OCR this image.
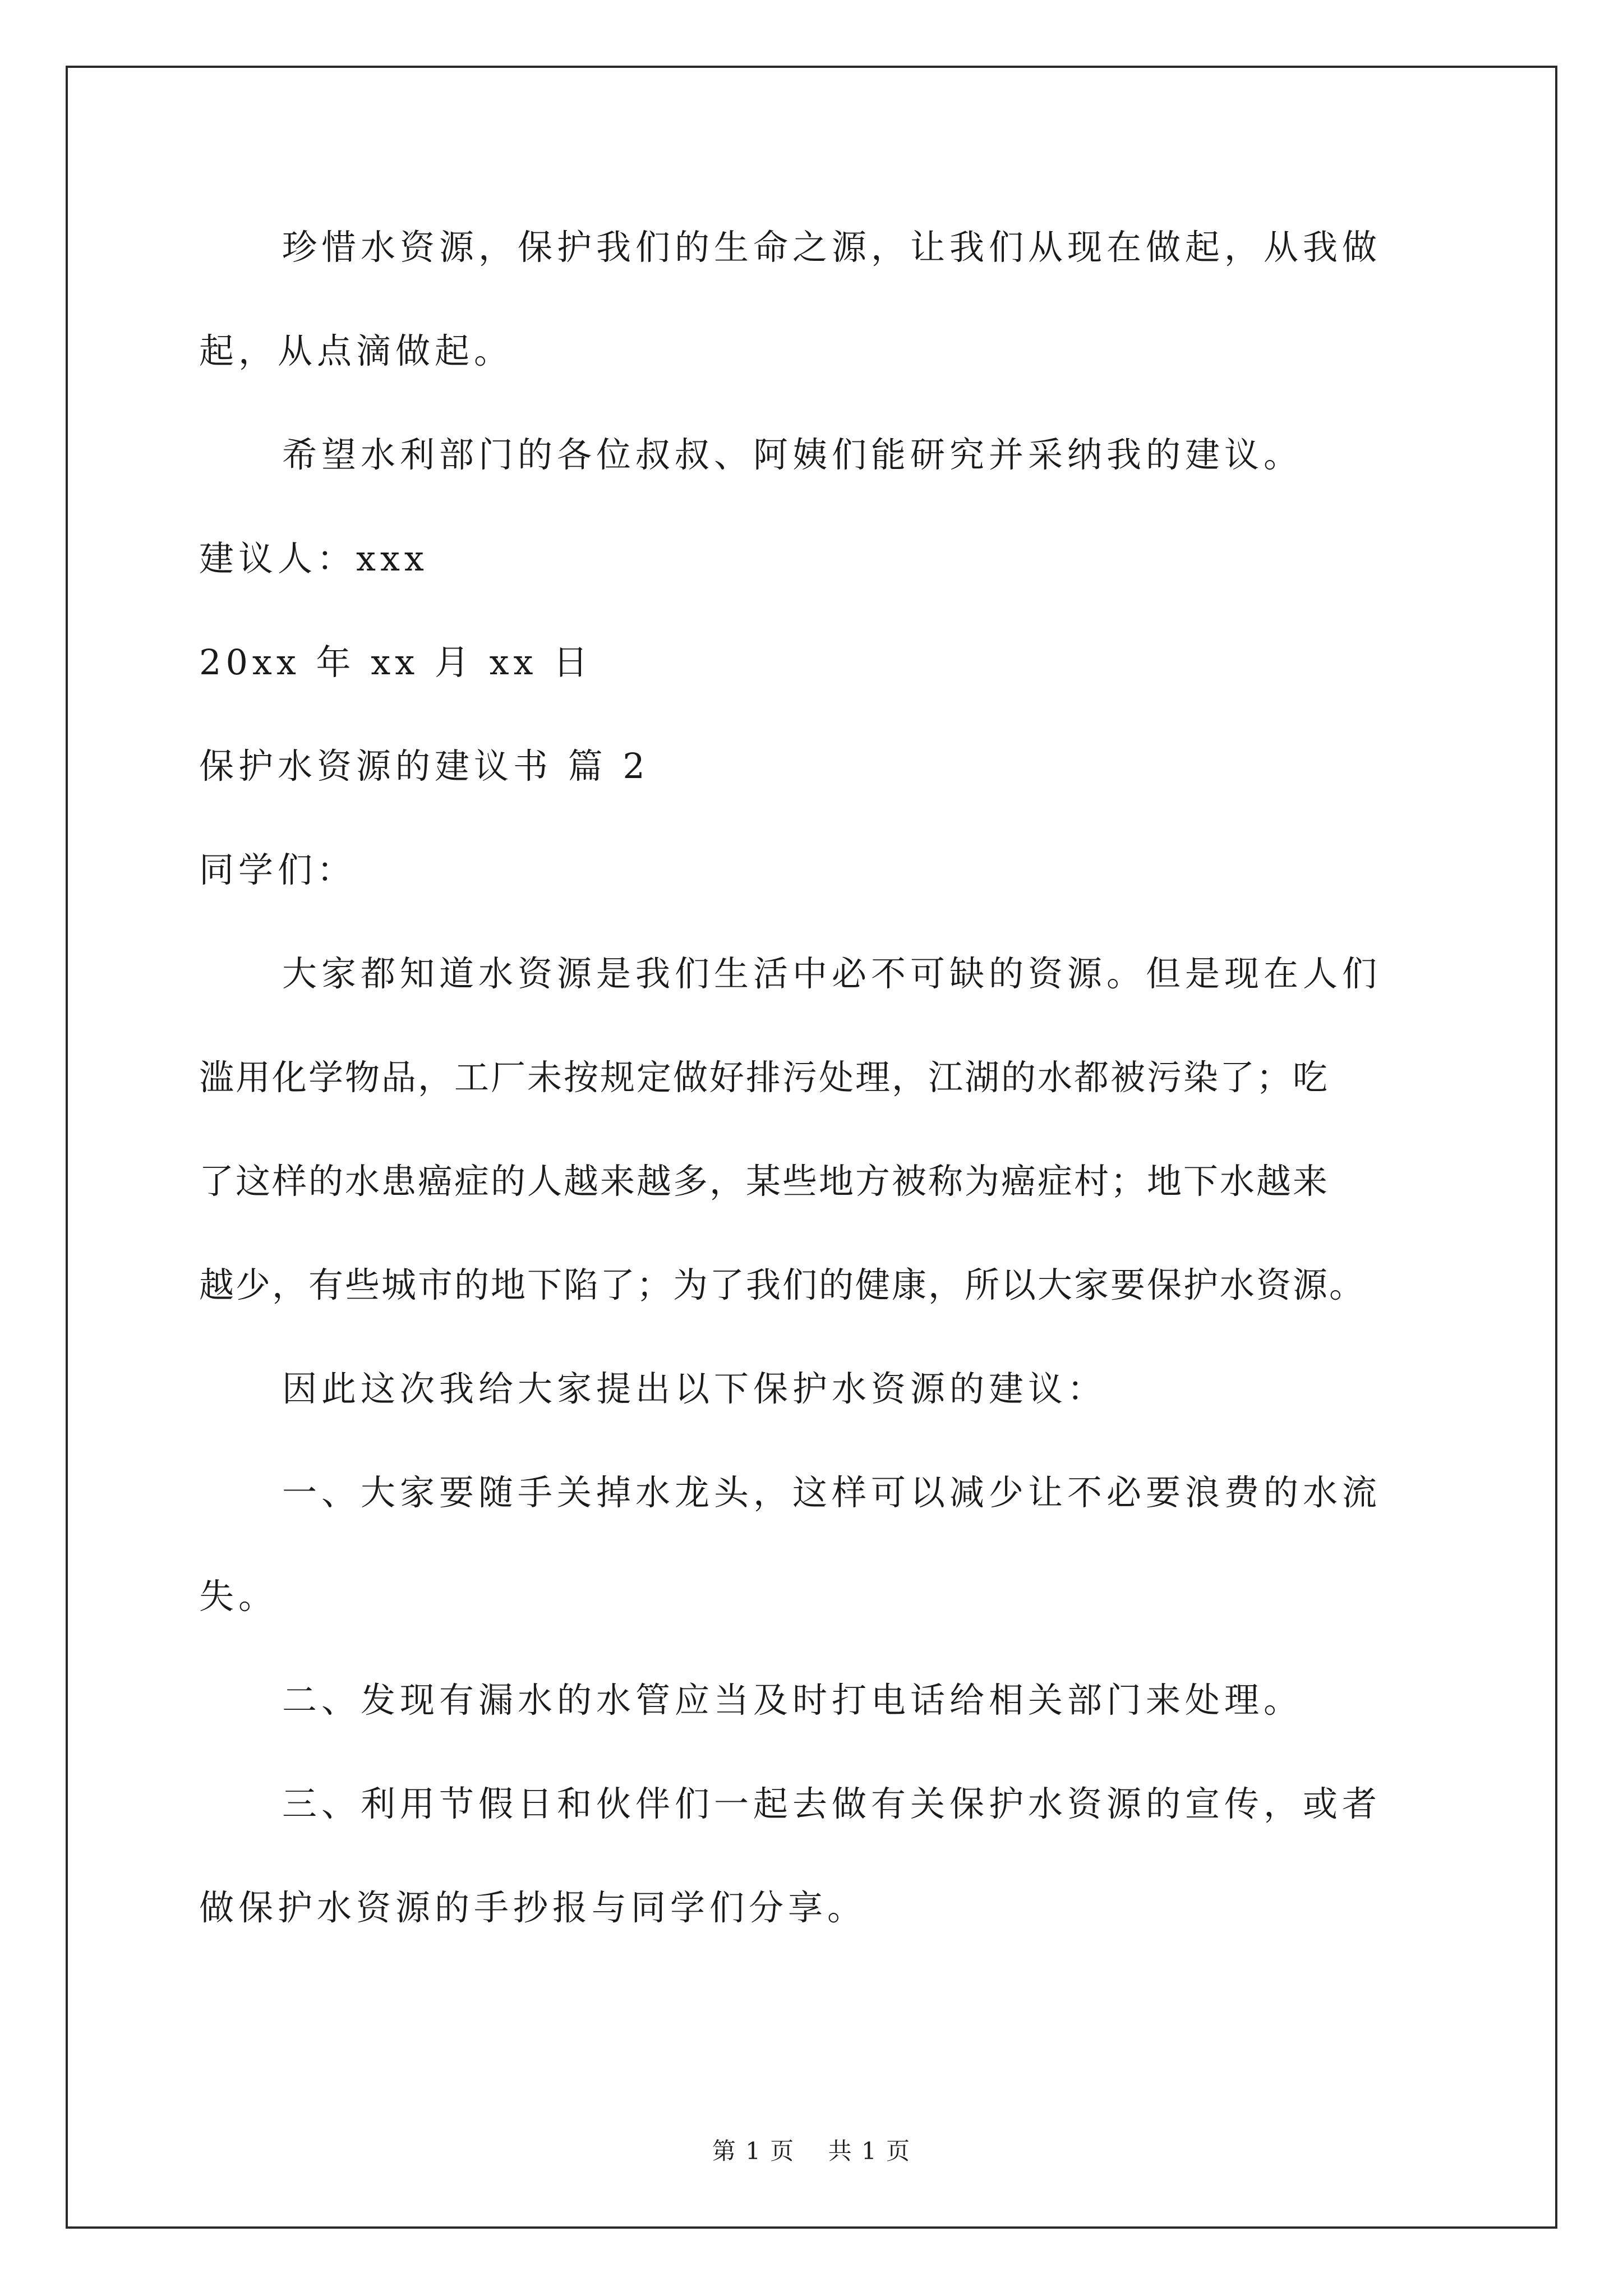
珍惜水资源，保护我们的生命之源，让我们从现在做起，从我做
起，从点滴做起。
希望水利部门的各位叔叔、阿姨们能研究并采纳我的建议。
建议人：xxx
20xx 年 xx 月 xx 日
保护水资源的建议书 篇 2
同学们：
大家都知道水资源是我们生活中必不可缺的资源。但是现在人们
滥用化学物品，工厂未按规定做好排污处理，江湖的水都被污染了；吃
了这样的水患癌症的人越来越多，某些地方被称为癌症村；地下水越来
越少，有些城市的地下陷了；为了我们的健康，所以大家要保护水资源。
因此这次我给大家提出以下保护水资源的建议：
一、大家要随手关掉水龙头，这样可以减少让不必要浪费的水流
失。
二、发现有漏水的水管应当及时打电话给相关部门来处理。
三、利用节假日和伙伴们一起去做有关保护水资源的宣传，或者
做保护水资源的手抄报与同学们分享。
第 1 页 共 1 页
